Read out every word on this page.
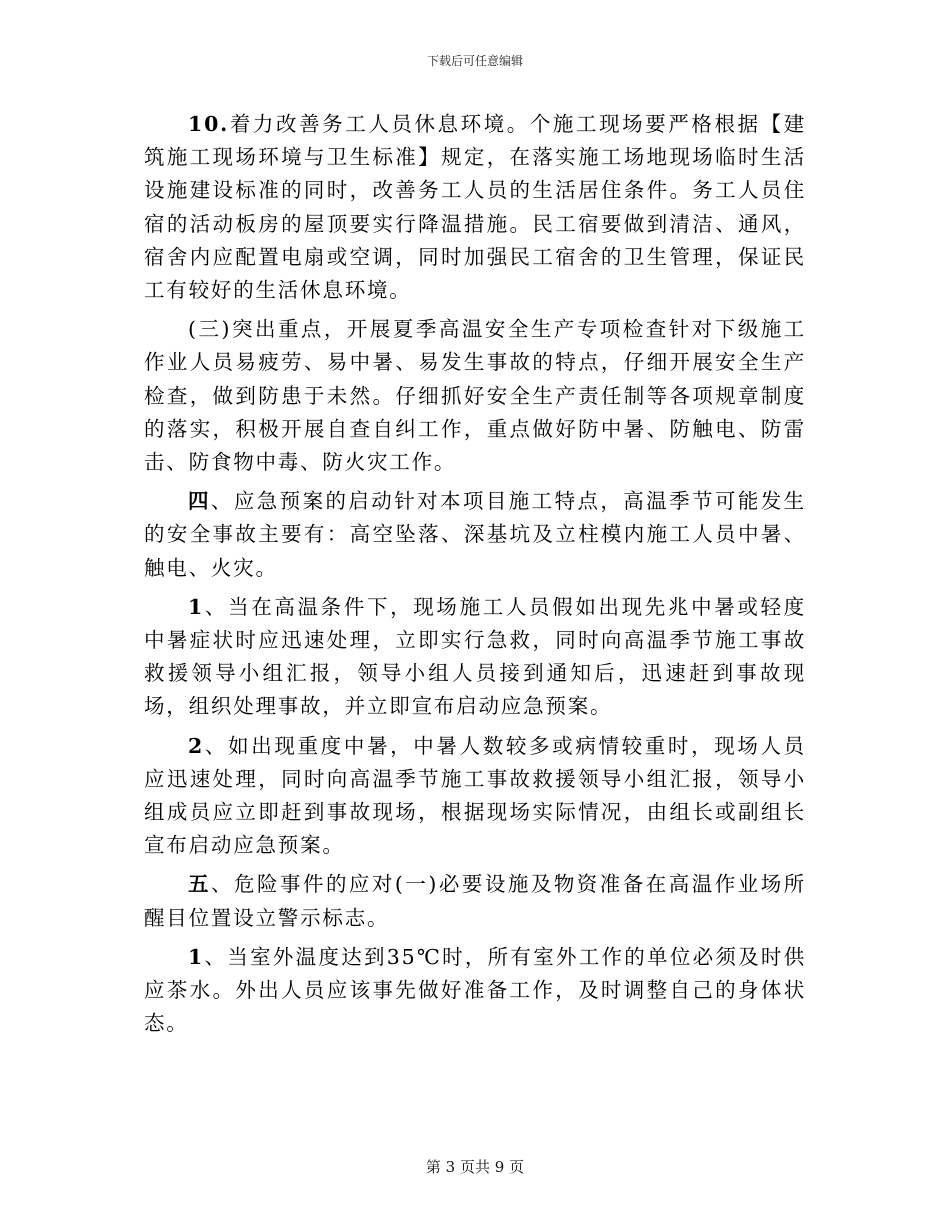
下载后可任意编辑

10.着力改善务工人员休息环境。个施工现场要严格根据【建筑施工现场环境与卫生标准】规定，在落实施工场地现场临时生活设施建设标准的同时，改善务工人员的生活居住条件。务工人员住宿的活动板房的屋顶要实行降温措施。民工宿要做到清洁、通风，宿舍内应配置电扇或空调，同时加强民工宿舍的卫生管理，保证民工有较好的生活休息环境。

(三)突出重点，开展夏季高温安全生产专项检查针对下级施工作业人员易疲劳、易中暑、易发生事故的特点，仔细开展安全生产检查，做到防患于未然。仔细抓好安全生产责任制等各项规章制度的落实，积极开展自查自纠工作，重点做好防中暑、防触电、防雷击、防食物中毒、防火灾工作。

四、应急预案的启动针对本项目施工特点，高温季节可能发生的安全事故主要有：高空坠落、深基坑及立柱模内施工人员中暑、触电、火灾。

1、当在高温条件下，现场施工人员假如出现先兆中暑或轻度中暑症状时应迅速处理，立即实行急救，同时向高温季节施工事故救援领导小组汇报，领导小组人员接到通知后，迅速赶到事故现场，组织处理事故，并立即宣布启动应急预案。

2、如出现重度中暑，中暑人数较多或病情较重时，现场人员应迅速处理，同时向高温季节施工事故救援领导小组汇报，领导小组成员应立即赶到事故现场，根据现场实际情况，由组长或副组长宣布启动应急预案。

五、危险事件的应对(一)必要设施及物资准备在高温作业场所醒目位置设立警示标志。

1、当室外温度达到35℃时，所有室外工作的单位必须及时供应茶水。外出人员应该事先做好准备工作，及时调整自己的身体状态。

第 3 页共 9 页
